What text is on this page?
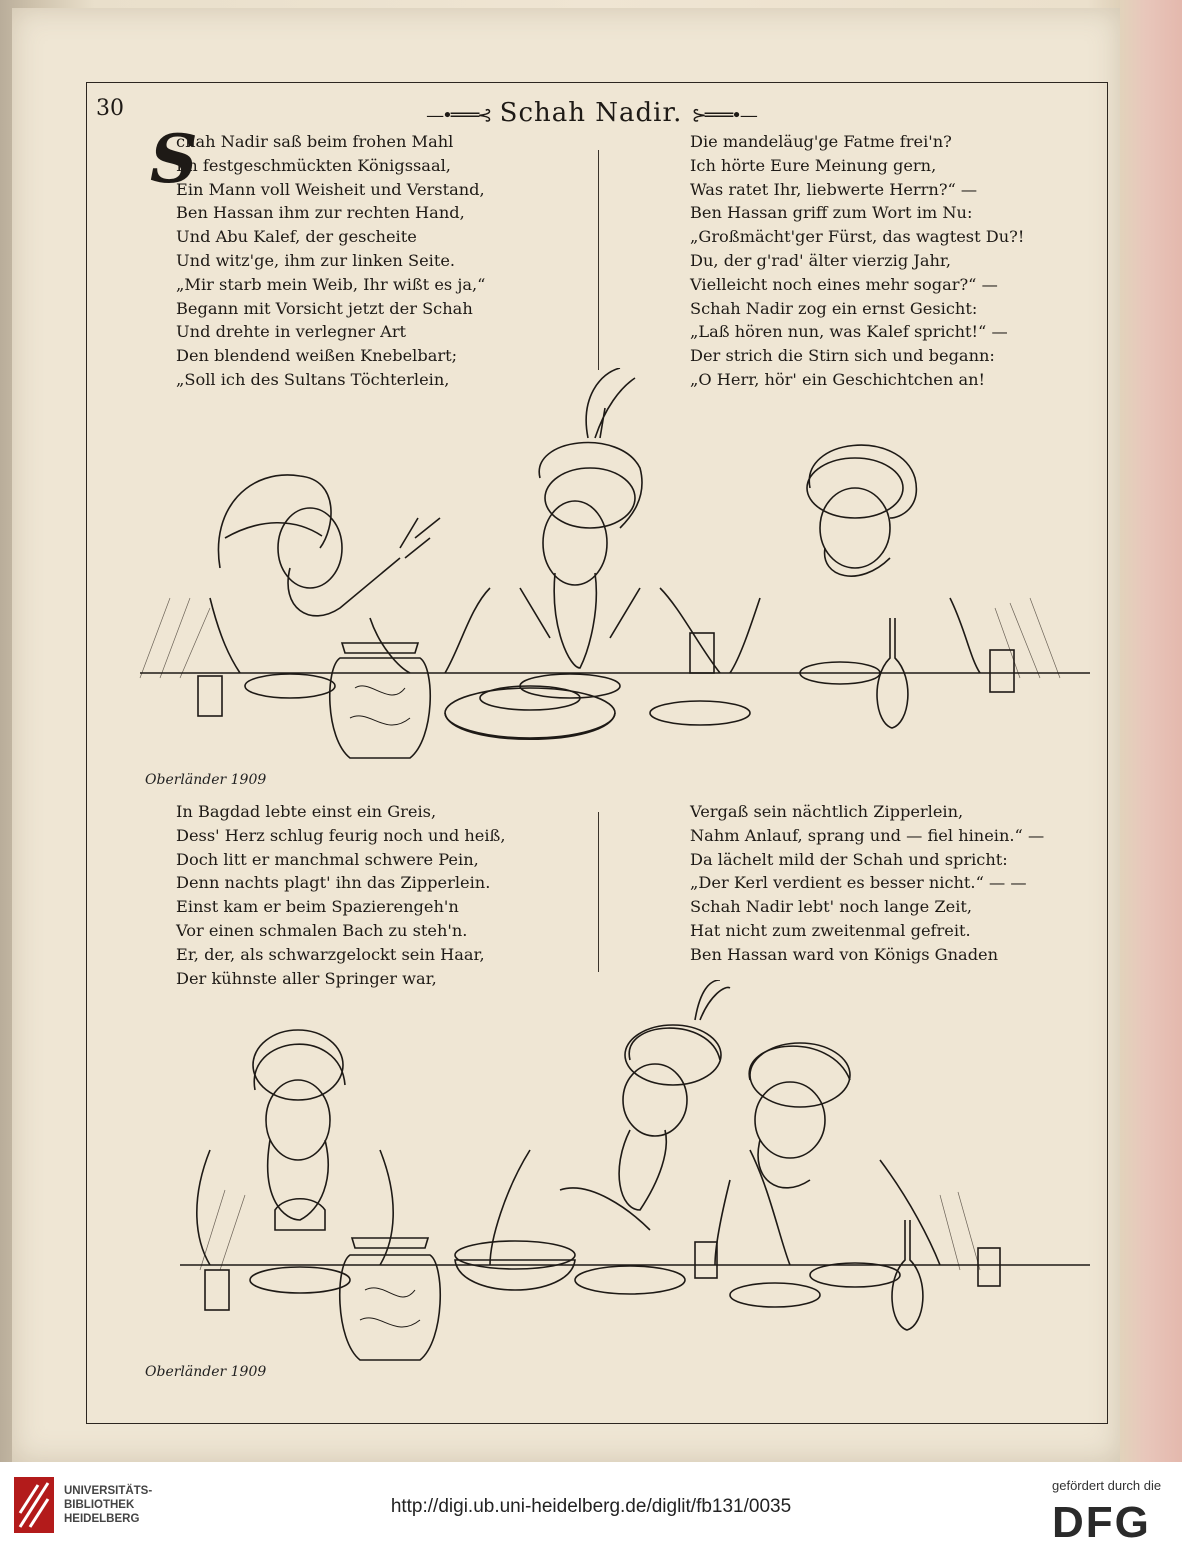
30	—•═══⊰ Schah Nadir. ⊱═══•—
S
chah Nadir saß beim frohen Mahl
Im festgeschmückten Königssaal,
Ein Mann voll Weisheit und Verstand,
Ben Hassan ihm zur rechten Hand,
Und Abu Kalef, der gescheite
Und witz'ge, ihm zur linken Seite.
„Mir starb mein Weib, Ihr wißt es ja,“
Begann mit Vorsicht jetzt der Schah
Und drehte in verlegner Art
Den blendend weißen Knebelbart;
„Soll ich des Sultans Töchterlein,
Die mandeläug'ge Fatme frei'n?
Ich hörte Eure Meinung gern,
Was ratet Ihr, liebwerte Herrn?“ —
Ben Hassan griff zum Wort im Nu:
„Großmächt'ger Fürst, das wagtest Du?!
Du, der g'rad' älter vierzig Jahr,
Vielleicht noch eines mehr sogar?“ —
Schah Nadir zog ein ernst Gesicht:
„Laß hören nun, was Kalef spricht!“ —
Der strich die Stirn sich und begann:
„O Herr, hör' ein Geschichtchen an!
Oberländer 1909
In Bagdad lebte einst ein Greis,
Dess' Herz schlug feurig noch und heiß,
Doch litt er manchmal schwere Pein,
Denn nachts plagt' ihn das Zipperlein.
Einst kam er beim Spazierengeh'n
Vor einen schmalen Bach zu steh'n.
Er, der, als schwarzgelockt sein Haar,
Der kühnste aller Springer war,
Vergaß sein nächtlich Zipperlein,
Nahm Anlauf, sprang und — fiel hinein.“ —
Da lächelt mild der Schah und spricht:
„Der Kerl verdient es besser nicht.“ — —
Schah Nadir lebt' noch lange Zeit,
Hat nicht zum zweitenmal gefreit.
Ben Hassan ward von Königs Gnaden
Oberländer 1909
UNIVERSITÄTS-
BIBLIOTHEK
HEIDELBERG
http://digi.ub.uni-heidelberg.de/diglit/fb131/0035
gefördert durch die
DFG
